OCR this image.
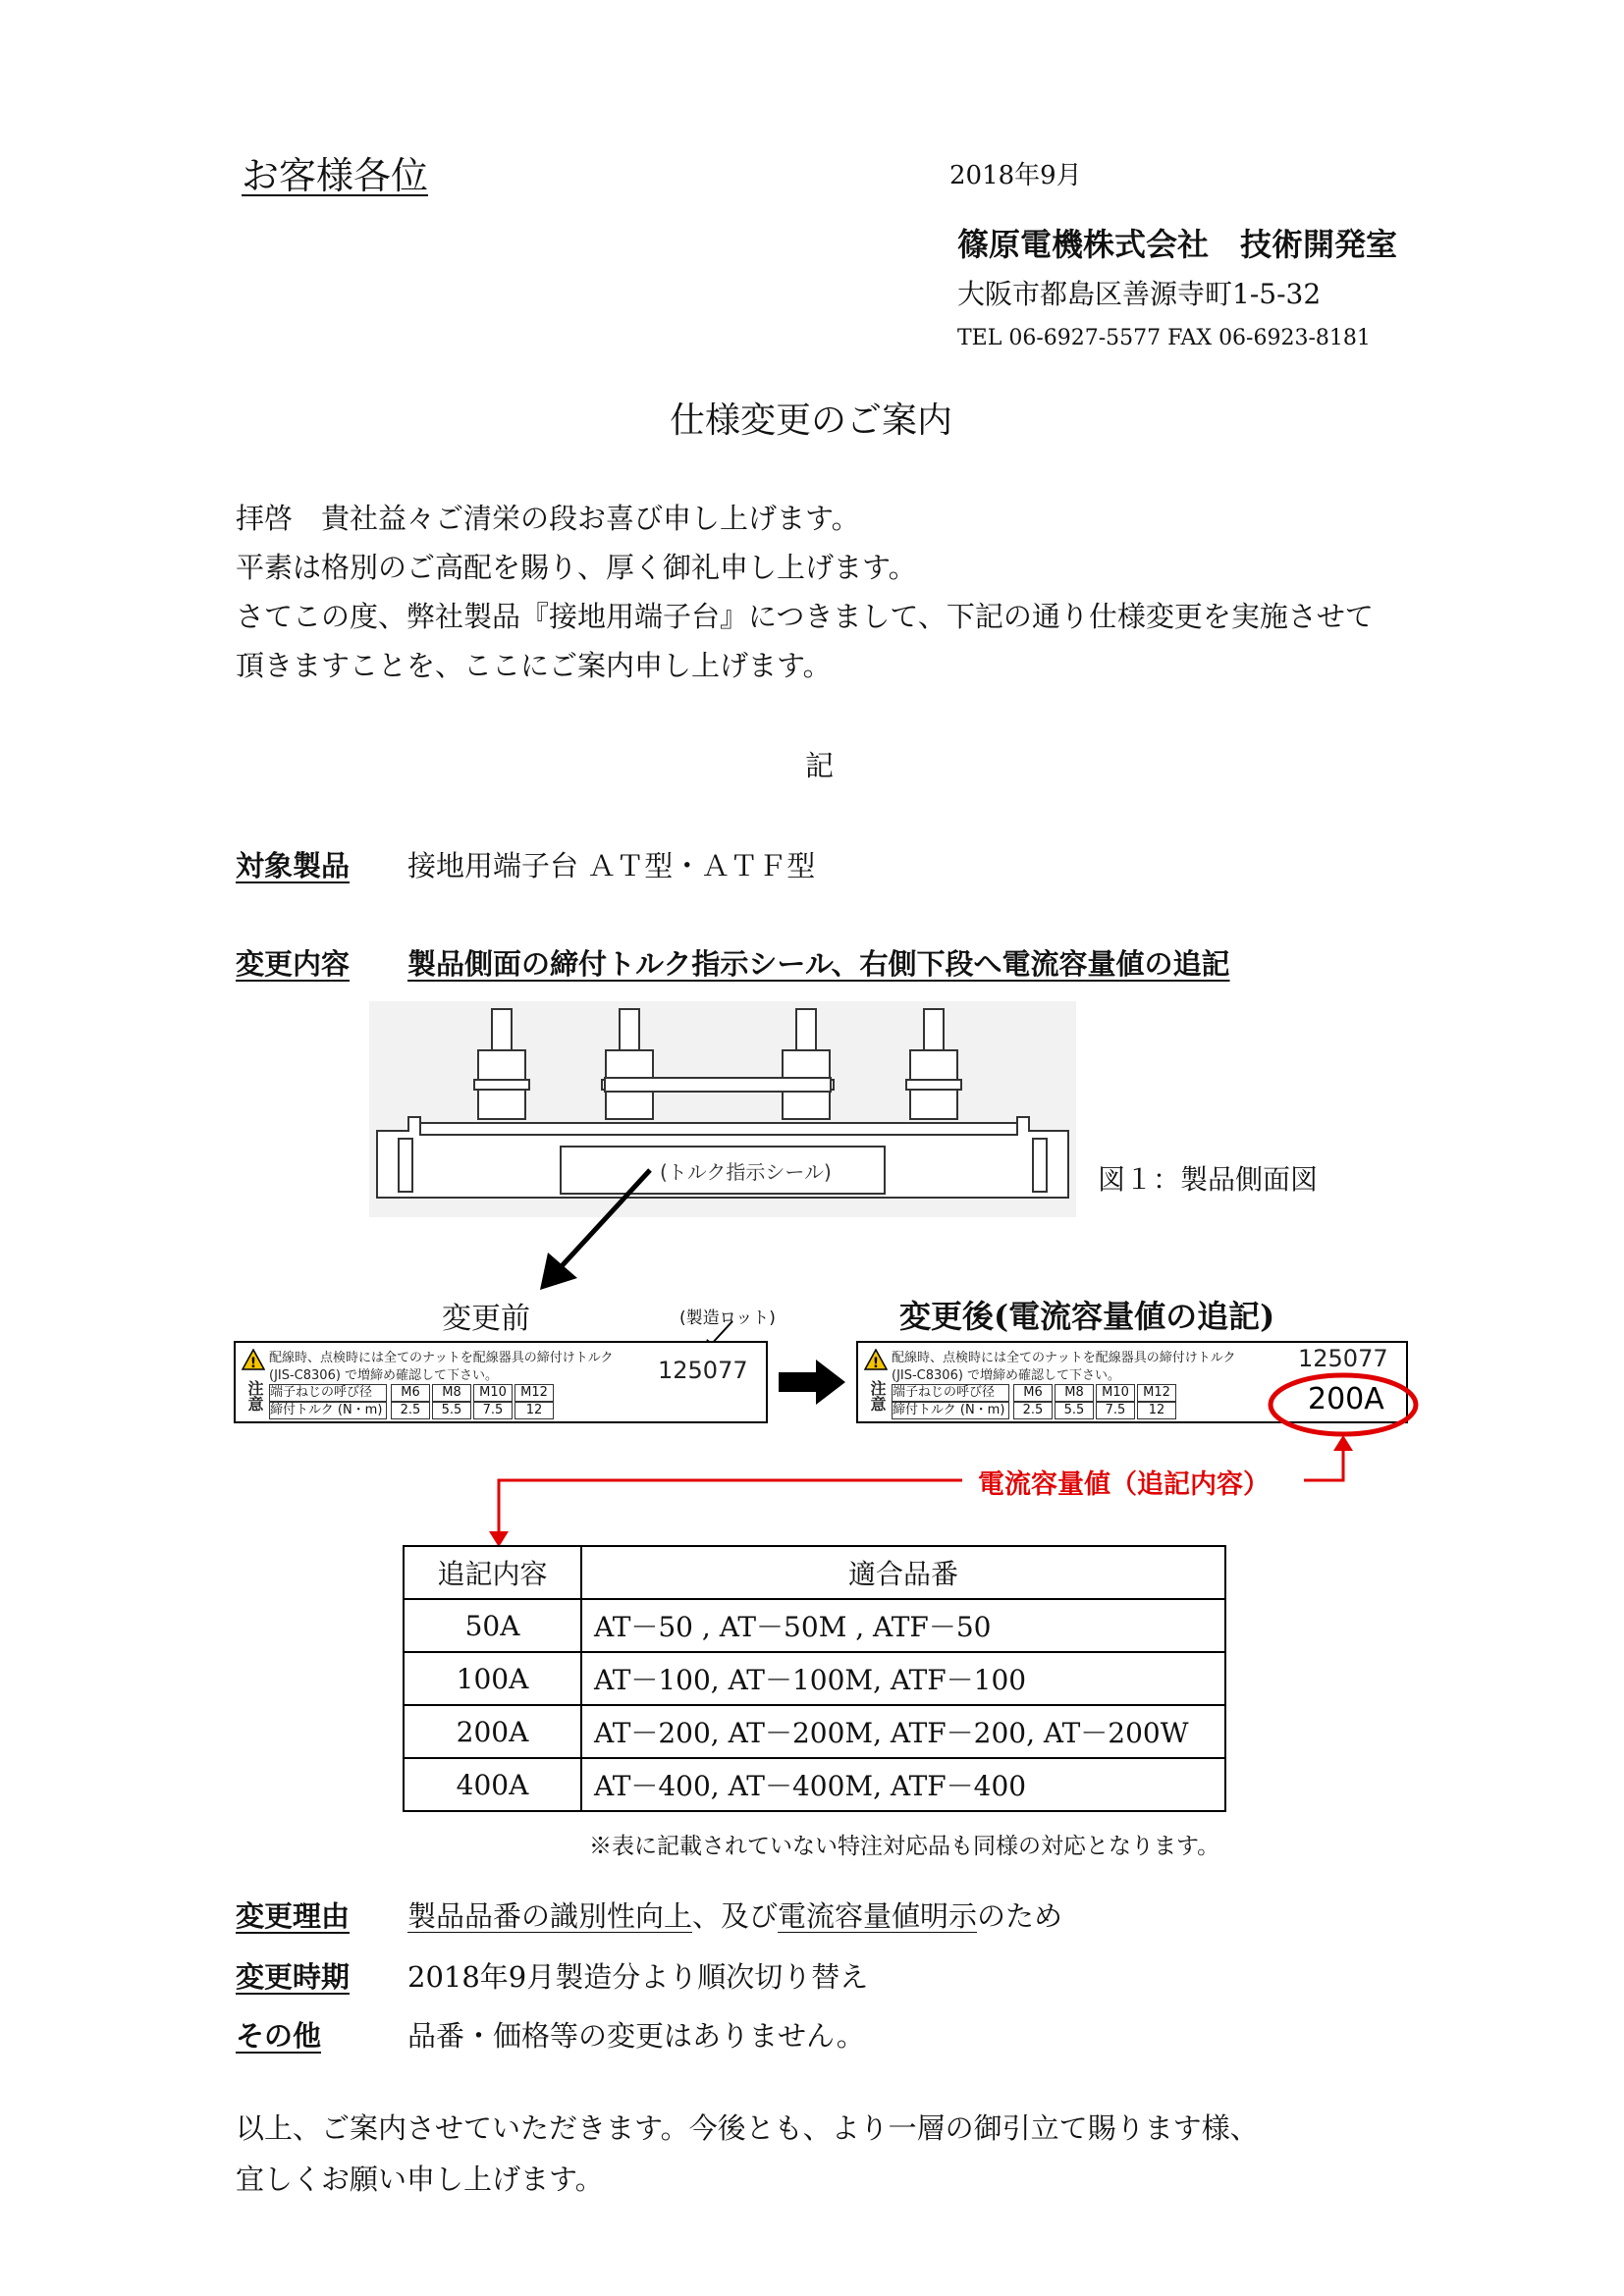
お客様各位	2018年9月
篠原電機株式会社　技術開発室
大阪市都島区善源寺町1-5-32
TEL 06-6927-5577 FAX 06-6923-8181
仕様変更のご案内
拝啓　貴社益々ご清栄の段お喜び申し上げます。
平素は格別のご高配を賜り、厚く御礼申し上げます。
さてこの度、弊社製品『接地用端子台』につきまして、下記の通り仕様変更を実施させて
頂きますことを、ここにご案内申し上げます。
記
対象製品 接地用端子台 ＡＴ型・ＡＴＦ型
変更内容 製品側面の締付トルク指示シール、右側下段へ電流容量値の追記
(トルク指示シール)	図１：製品側面図
変更前	(製造ロット)	変更後(電流容量値の追記)
!
注意
配線時、点検時には全てのナットを配線器具の締付けトルク
(JIS-C8306) で増締め確認して下さい。
端子ねじの呼び径	M6	M8	M10	M12
締付トルク (N・m)	2.5	5.5	7.5	12
125077	!
注意
配線時、点検時には全てのナットを配線器具の締付けトルク
(JIS-C8306) で増締め確認して下さい。
端子ねじの呼び径	M6	M8	M10	M12
締付トルク (N・m)	2.5	5.5	7.5	12
125077
200A
電流容量値（追記内容）
追記内容	適合品番
50A	AT－50 , AT－50M , ATF－50
100A	AT－100, AT－100M, ATF－100
200A	AT－200, AT－200M, ATF－200, AT－200W
400A	AT－400, AT－400M, ATF－400
※表に記載されていない特注対応品も同様の対応となります。
変更理由 製品品番の識別性向上、及び電流容量値明示のため
変更時期 2018年9月製造分より順次切り替え
その他	品番・価格等の変更はありません。
以上、ご案内させていただきます。今後とも、より一層の御引立て賜ります様、
宜しくお願い申し上げます。
